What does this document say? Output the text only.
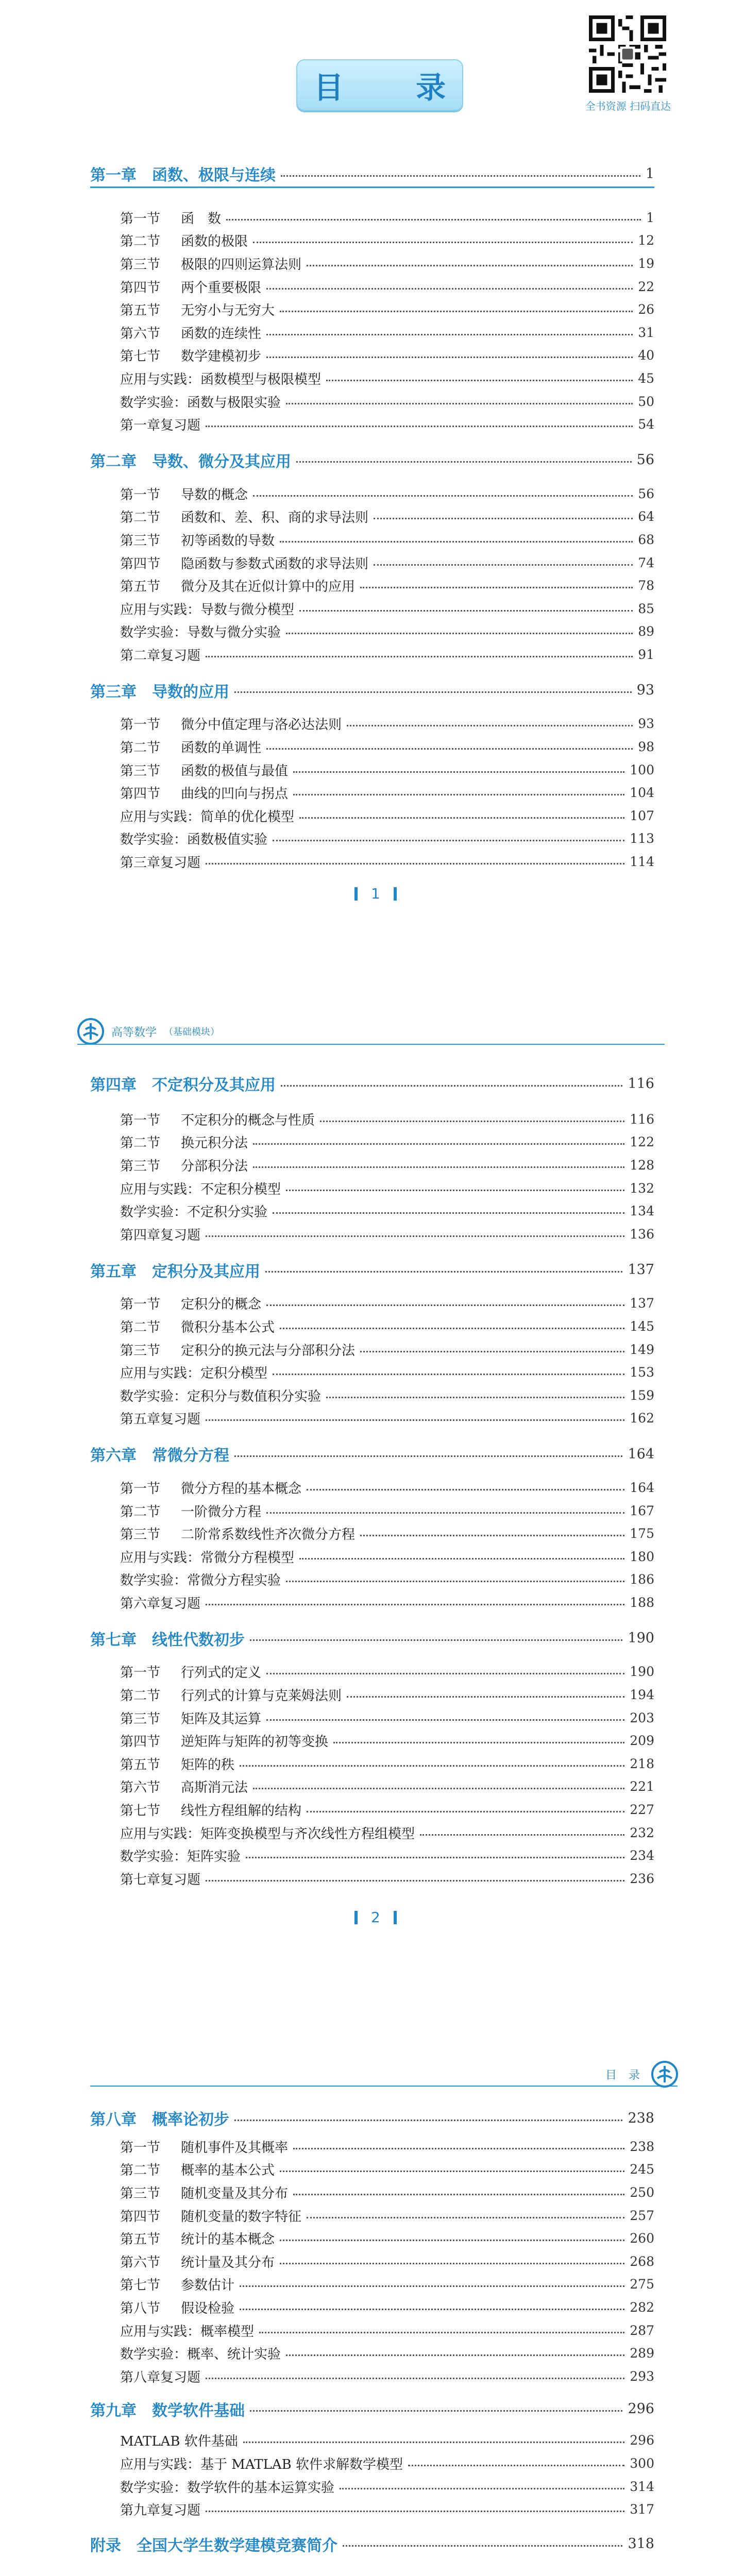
目 录
全书资源 扫码直达
第一章　函数、极限与连续	1
第一节	函　数	1
第二节	函数的极限	12
第三节	极限的四则运算法则	19
第四节	两个重要极限	22
第五节	无穷小与无穷大	26
第六节	函数的连续性	31
第七节	数学建模初步	40
应用与实践： 函数模型与极限模型	45
数学实验： 函数与极限实验	50
第一章复习题	54
第二章　导数、微分及其应用	56
第一节	导数的概念	56
第二节	函数和、差、积、商的求导法则	64
第三节	初等函数的导数	68
第四节	隐函数与参数式函数的求导法则	74
第五节	微分及其在近似计算中的应用	78
应用与实践： 导数与微分模型	85
数学实验： 导数与微分实验	89
第二章复习题	91
第三章　导数的应用	93
第一节	微分中值定理与洛必达法则	93
第二节	函数的单调性	98
第三节	函数的极值与最值	100
第四节	曲线的凹向与拐点	104
应用与实践： 简单的优化模型	107
数学实验： 函数极值实验	113
第三章复习题	114
1
高等数学 （基础模块）
第四章　不定积分及其应用	116
第一节	不定积分的概念与性质	116
第二节	换元积分法	122
第三节	分部积分法	128
应用与实践： 不定积分模型	132
数学实验： 不定积分实验	134
第四章复习题	136
第五章　定积分及其应用	137
第一节	定积分的概念	137
第二节	微积分基本公式	145
第三节	定积分的换元法与分部积分法	149
应用与实践： 定积分模型	153
数学实验： 定积分与数值积分实验	159
第五章复习题	162
第六章　常微分方程	164
第一节	微分方程的基本概念	164
第二节	一阶微分方程	167
第三节	二阶常系数线性齐次微分方程	175
应用与实践： 常微分方程模型	180
数学实验： 常微分方程实验	186
第六章复习题	188
第七章　线性代数初步	190
第一节	行列式的定义	190
第二节	行列式的计算与克莱姆法则	194
第三节	矩阵及其运算	203
第四节	逆矩阵与矩阵的初等变换	209
第五节	矩阵的秩	218
第六节	高斯消元法	221
第七节	线性方程组解的结构	227
应用与实践： 矩阵变换模型与齐次线性方程组模型	232
数学实验： 矩阵实验	234
第七章复习题	236
2
目 录
第八章　概率论初步	238
第一节	随机事件及其概率	238
第二节	概率的基本公式	245
第三节	随机变量及其分布	250
第四节	随机变量的数字特征	257
第五节	统计的基本概念	260
第六节	统计量及其分布	268
第七节	参数估计	275
第八节	假设检验	282
应用与实践： 概率模型	287
数学实验： 概率、统计实验	289
第八章复习题	293
第九章　数学软件基础	296
MATLAB 软件基础	296
应用与实践： 基于 MATLAB 软件求解数学模型	300
数学实验： 数学软件的基本运算实验	314
第九章复习题	317
附录　全国大学生数学建模竞赛简介	318
